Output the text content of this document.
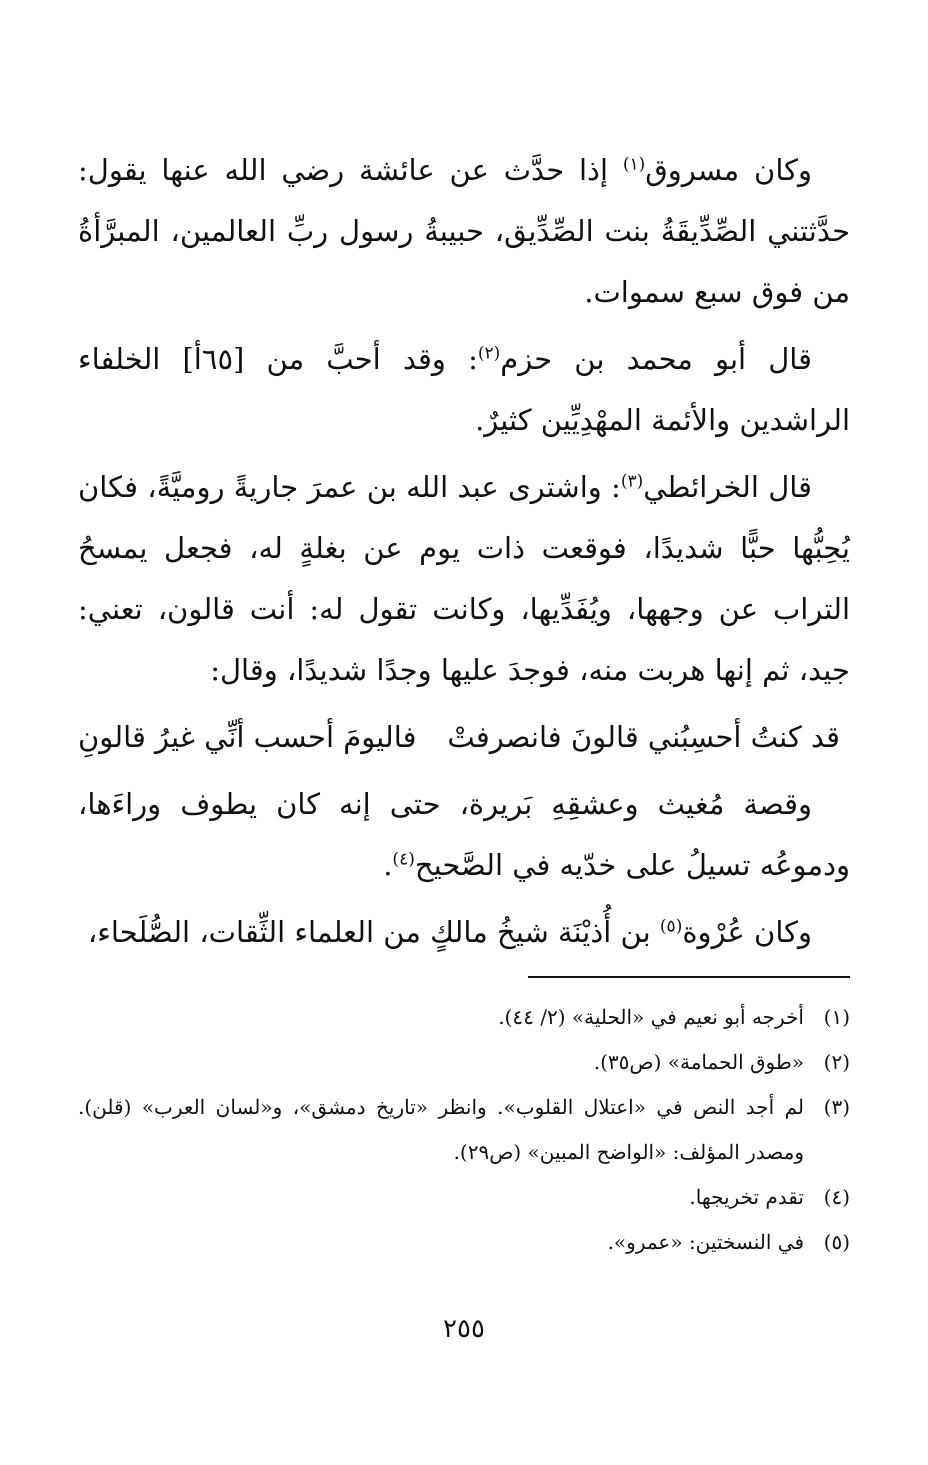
وكان مسروق$^{(١)}$ إذا حدَّث عن عائشة رضي الله عنها يقول: حدَّثتني الصِّدِّيقَةُ بنت الصِّدِّيق، حبيبةُ رسول ربِّ العالمين، المبرَّأةُ من فوق سبع سموات.

قال أبو محمد بن حزم$^{(٢)}$: وقد أحبَّ من [٦٥أ] الخلفاء الراشدين والأئمة المهْدِيِّين كثيرٌ.

قال الخرائطي$^{(٣)}$: واشترى عبد الله بن عمرَ جاريةً روميَّةً، فكان يُحِبُّها حبًّا شديدًا، فوقعت ذات يوم عن بغلةٍ له، فجعل يمسحُ التراب عن وجهها، ويُفَدِّيها، وكانت تقول له: أنت قالون، تعني: جيد، ثم إنها هربت منه، فوجدَ عليها وجدًا شديدًا، وقال:

قد كنتُ أحسِبُني قالونَ فانصرفتْ
فاليومَ أحسب أنِّي غيرُ قالونِ

وقصة مُغيث وعشقِهِ بَريرة، حتى إنه كان يطوف وراءَها، ودموعُه تسيلُ على خدّيه في الصَّحيح$^{(٤)}$.

وكان عُرْوة$^{(٥)}$ بن أُذيْنَة شيخُ مالكٍ من العلماء الثِّقات، الصُّلَحاء،

(١)
أخرجه أبو نعيم في «الحلية» (٢/ ٤٤).
(٢)
«طوق الحمامة» (ص٣٥).
(٣)
لم أجد النص في «اعتلال القلوب». وانظر «تاريخ دمشق»، و«لسان العرب» (قلن). ومصدر المؤلف: «الواضح المبين» (ص٢٩).
(٤)
تقدم تخريجها.
(٥)
في النسختين: «عمرو».
٢٥٥
